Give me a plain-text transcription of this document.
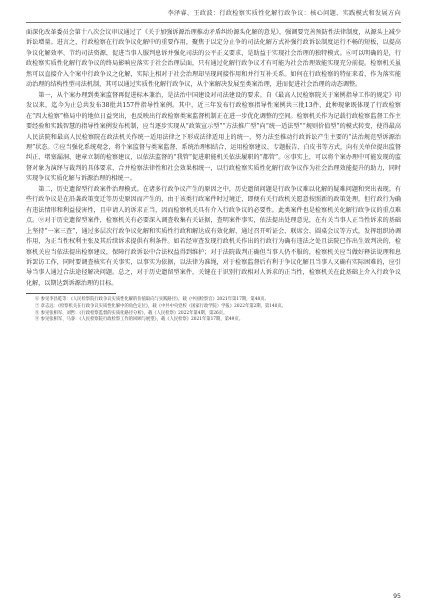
李泽睿、王政波：行政检察实质性化解行政争议：核心问题、实践模式和发展方向

面深化改革委员会第十八次会议审议通过了《关于加强诉源治理推动矛盾纠纷源头化解的意见》，强调要完善预防性法律制度，从源头上减少诉讼增量。进言之，行政检察在行政争议化解中的重要作用，聚焦于以定分止争的司法化解方式补强行政诉讼制度运行不畅的短板，以提高争议化解效率、节约司法资源，促进当事人服判息诉并强化司法的公平正义要求，是助益于实现社会治理的独特模式。⑥可以明确的是，行政检察实质性化解行政争议的终局影响应落实于社会治理层面，只有通过化解行政争议才有可能为社会治理效能实现充分前提。检察机关虽然可以直接介入个案中行政争议之化解，实际上相对于社会治理却呈现间接作用和并行互补关系。如何在行政检察的特征来看，作为落实能动治理的结构性型司法机制，其可以通过实质性化解行政争议，从个案解决发展至类案治理，进而促进社会治理的动态调整。

第一，从个案办理到类案监督再促进标本兼治，是法治中国建设对司法建设的要求。自《最高人民检察院关于案例指导工作的规定》印发以来，迄今为止总共发布38批共157件指导性案例。其中，近三年发布行政检察指导性案例共三批13件，此种现象既体现了行政检察在“四大检察”格局中的地位日益突出，也反映出行政检察类案监督机制正在进一步优化调整的空间。检察机关作为记载行政检察监督工作主要经验和实践智慧的指导性案例发布机制，应当逐步实现从“政策宣示型”“方法推广型”向“统一适法型”“规则价值型”的模式转变，使得最高人民法院和最高人民检察院在政法机关作统一适用法律之下形成法律适用上的统一，努力法至推动行政诉讼产生主要的“法治规范型诉源治理”状态。⑦应当强化系统观念，将个案监督与类案监督、系统治理相结合，运用检察建议、专题报告、白皮书等方式，向有关单位提出监督纠正、堵塞漏洞、建章立制的检察建议，以依法监督的“我管”促进职能机关依法履职的“都管”。⑧事实上，可以将个案办理中可能发现的监督对象为演绎与裁判的具体要求，合并检察法律性和社会效果相统一，以行政检察实质性化解行政争议作为社会治理效能提升的助力，同时实现争议实质化解与诉源治理的相统一。

第二，历史遗留型行政案件治理模式。在诸多行政争议产生的原因之中，历史遗留问题是行政争议难以化解的疑难问题和突出表现。有些行政争议是在沿袭政策变迁等历史原因而产生的，由于该类行政案件时过境迁，即便有关行政机关愿意按照新的政策处理，但行政行为确有违法情形和利益侵害性，且申请人的诉求正当，因而检察机关具有介入行政争议的必要性。此类案件也是检察机关化解行政争议的重点难点。⑨对于历史遗留型案件，检察机关有必要深入调查收集有关证据，查明案件事实，依法提出处理意见，在有关当事人正当性诉求的基础上坚持“一案三查”，通过多层次行政争议化解和实质性行政和解达成有效化解，通过召开听证会、联席会、圆桌会议等方式，发挥组织协调作用，为正当性权利主张及其后续诉求提供有利条件。如若经审查发现行政机关作出的行政行为确有违法之处且法院已作出生效判决的，检察机关应当依法提出检察建议，保障行政诉讼中合法权益得到维护；对于法院裁判正确但当事人仍不服的，检察机关应当做好释法说理和息诉罢访工作，同时要调查核实有关事实，以事实为依据，以法律为准绳，对于检察监督后有利于争议化解且当事人又确有实际困难的，应引导当事人通过合法途径解决问题。总之，对于历史遗留型案件，关键在于识别行政相对人诉求的正当性，检察机关在此基础上介入行政争议化解，以期达到诉源治理的目标。

⑥ 参见李昌乾等：《人民检察院行政争议实质性化解的价值取向与实践路径》，载《中国检察官》2021年第17期，第48页。

⑦ 章志远：《检察机关在行政争议实质性化解中的角色定位》，载《中共中央党校（国家行政学院）学报》2022年第2期，第140页。

⑧ 参见张相军、刘哲：《行政检察监督的实质化路径分析》，载《人民检察》2022年第4期，第26页。

⑨ 参见张相军、马睿：《人民检察院行政检察工作的回顾与展望》，载《人民检察》2021年第17期，第49页。

95
